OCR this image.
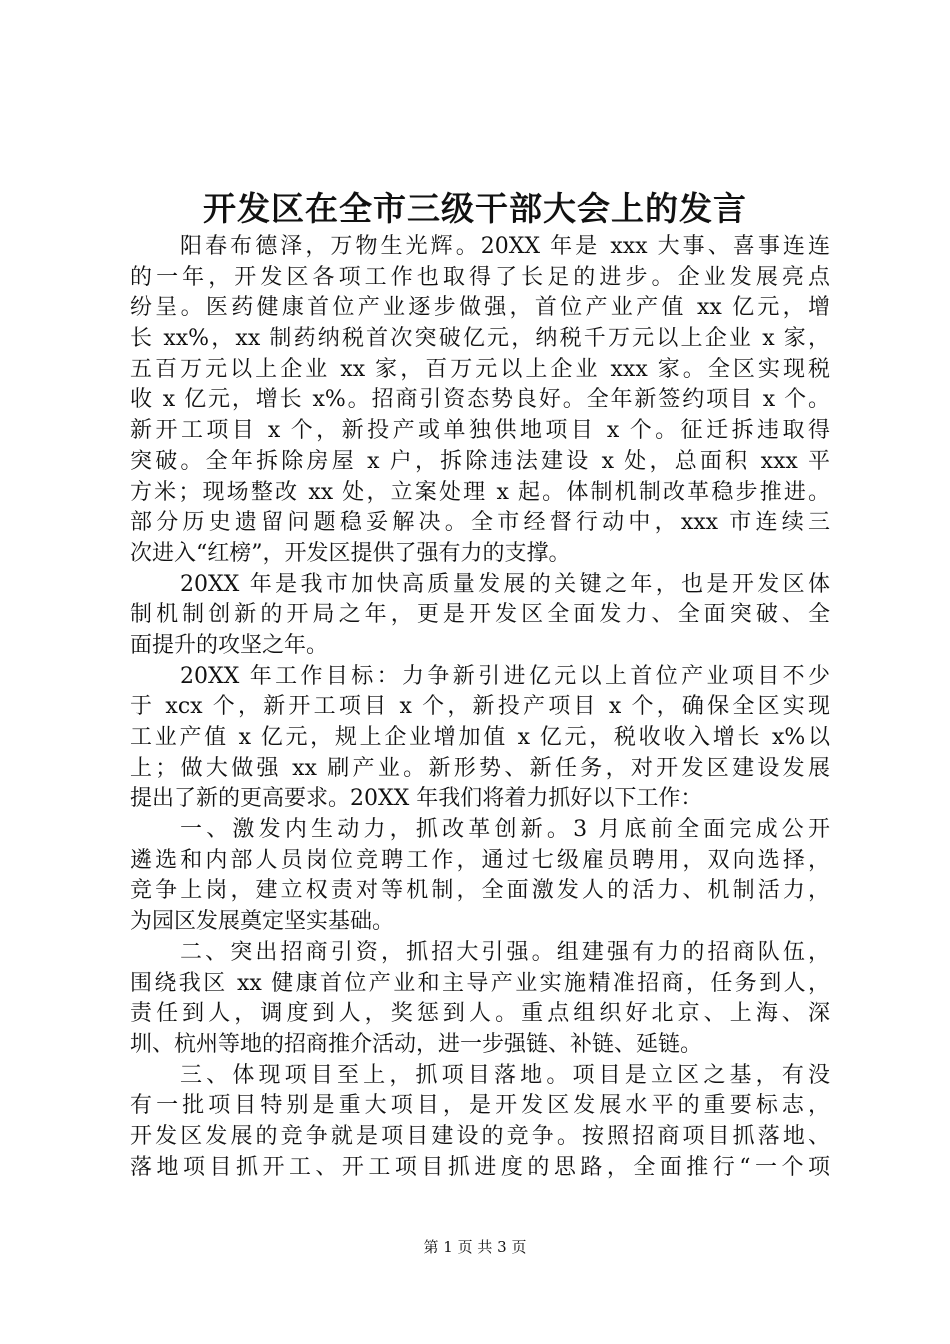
开发区在全市三级干部大会上的发言
阳春布德泽，万物生光辉。20XX 年是 xxx 大事、喜事连连
的一年，开发区各项工作也取得了长足的进步。企业发展亮点
纷呈。医药健康首位产业逐步做强，首位产业产值 xx 亿元，增
长 xx%，xx 制药纳税首次突破亿元，纳税千万元以上企业 x 家，
五百万元以上企业 xx 家，百万元以上企业 xxx 家。全区实现税
收 x 亿元，增长 x%。招商引资态势良好。全年新签约项目 x 个。
新开工项目 x 个，新投产或单独供地项目 x 个。征迁拆违取得
突破。全年拆除房屋 x 户，拆除违法建设 x 处，总面积 xxx 平
方米；现场整改 xx 处，立案处理 x 起。体制机制改革稳步推进。
部分历史遗留问题稳妥解决。全市经督行动中，xxx 市连续三
次进入“红榜”，开发区提供了强有力的支撑。
20XX 年是我市加快高质量发展的关键之年，也是开发区体
制机制创新的开局之年，更是开发区全面发力、全面突破、全
面提升的攻坚之年。
20XX 年工作目标：力争新引进亿元以上首位产业项目不少
于 xcx 个，新开工项目 x 个，新投产项目 x 个，确保全区实现
工业产值 x 亿元，规上企业增加值 x 亿元，税收收入增长 x%以
上；做大做强 xx 刷产业。新形势、新任务，对开发区建设发展
提出了新的更高要求。20XX 年我们将着力抓好以下工作：
一、激发内生动力，抓改革创新。3 月底前全面完成公开
遴选和内部人员岗位竞聘工作，通过七级雇员聘用，双向选择，
竞争上岗，建立权责对等机制，全面激发人的活力、机制活力，
为园区发展奠定坚实基础。
二、突出招商引资，抓招大引强。组建强有力的招商队伍，
围绕我区 xx 健康首位产业和主导产业实施精准招商，任务到人，
责任到人，调度到人，奖惩到人。重点组织好北京、上海、深
圳、杭州等地的招商推介活动，进一步强链、补链、延链。
三、体现项目至上，抓项目落地。项目是立区之基，有没
有一批项目特别是重大项目，是开发区发展水平的重要标志，
开发区发展的竞争就是项目建设的竞争。按照招商项目抓落地、
落地项目抓开工、开工项目抓进度的思路，全面推行“一个项
第 1 页 共 3 页
